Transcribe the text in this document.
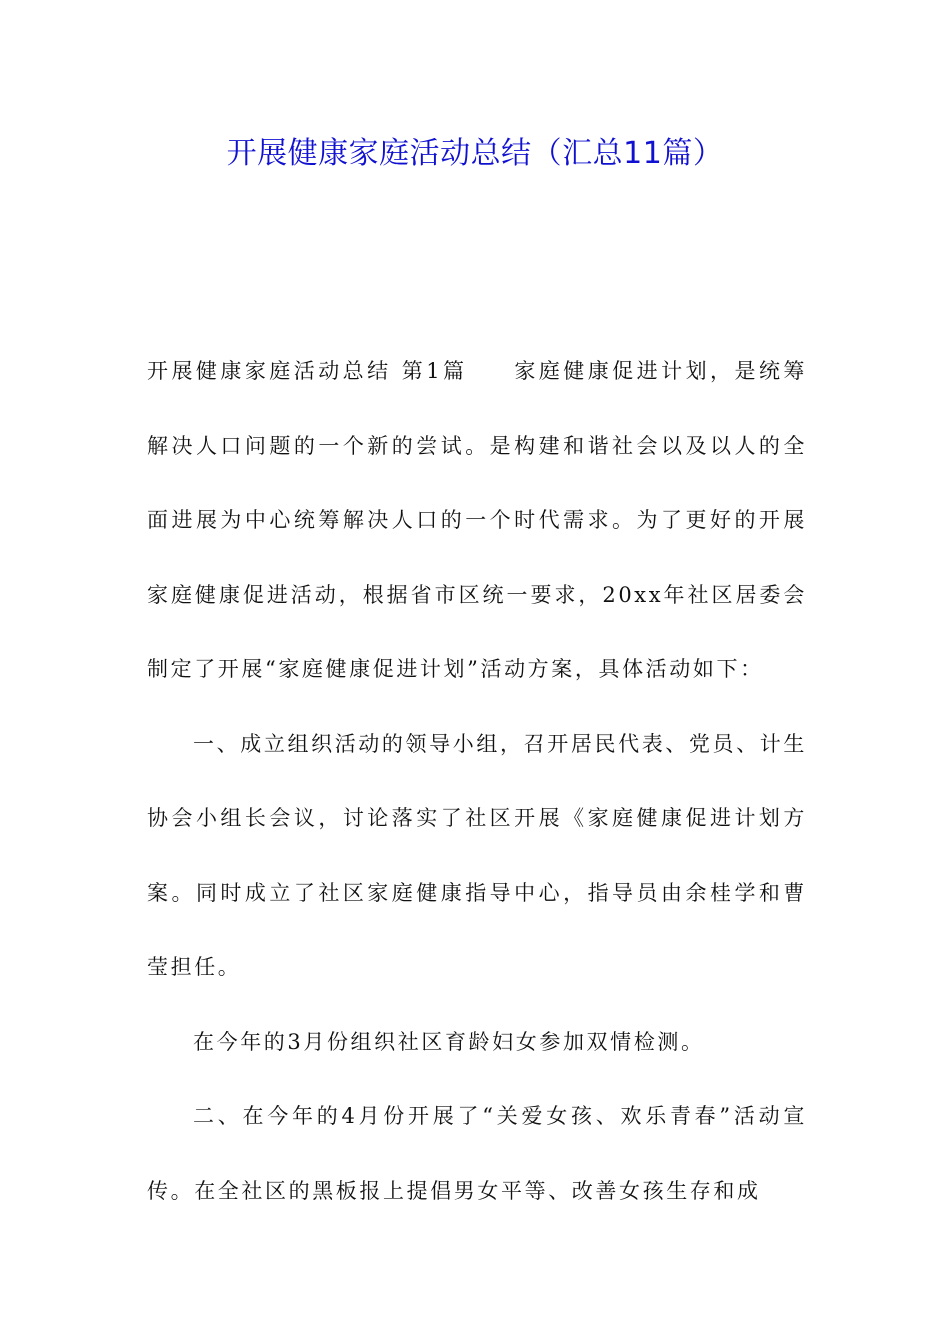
开展健康家庭活动总结（汇总11篇）

开展健康家庭活动总结 第1篇 家庭健康促进计划，是统筹解决人口问题的一个新的尝试。是构建和谐社会以及以人的全面进展为中心统筹解决人口的一个时代需求。为了更好的开展家庭健康促进活动，根据省市区统一要求，20xx年社区居委会制定了开展“家庭健康促进计划”活动方案，具体活动如下：

一、成立组织活动的领导小组，召开居民代表、党员、计生协会小组长会议，讨论落实了社区开展《家庭健康促进计划方案。同时成立了社区家庭健康指导中心，指导员由余桂学和曹莹担任。

在今年的3月份组织社区育龄妇女参加双情检测。

二、在今年的4月份开展了“关爱女孩、欢乐青春”活动宣传。在全社区的黑板报上提倡男女平等、改善女孩生存和成
